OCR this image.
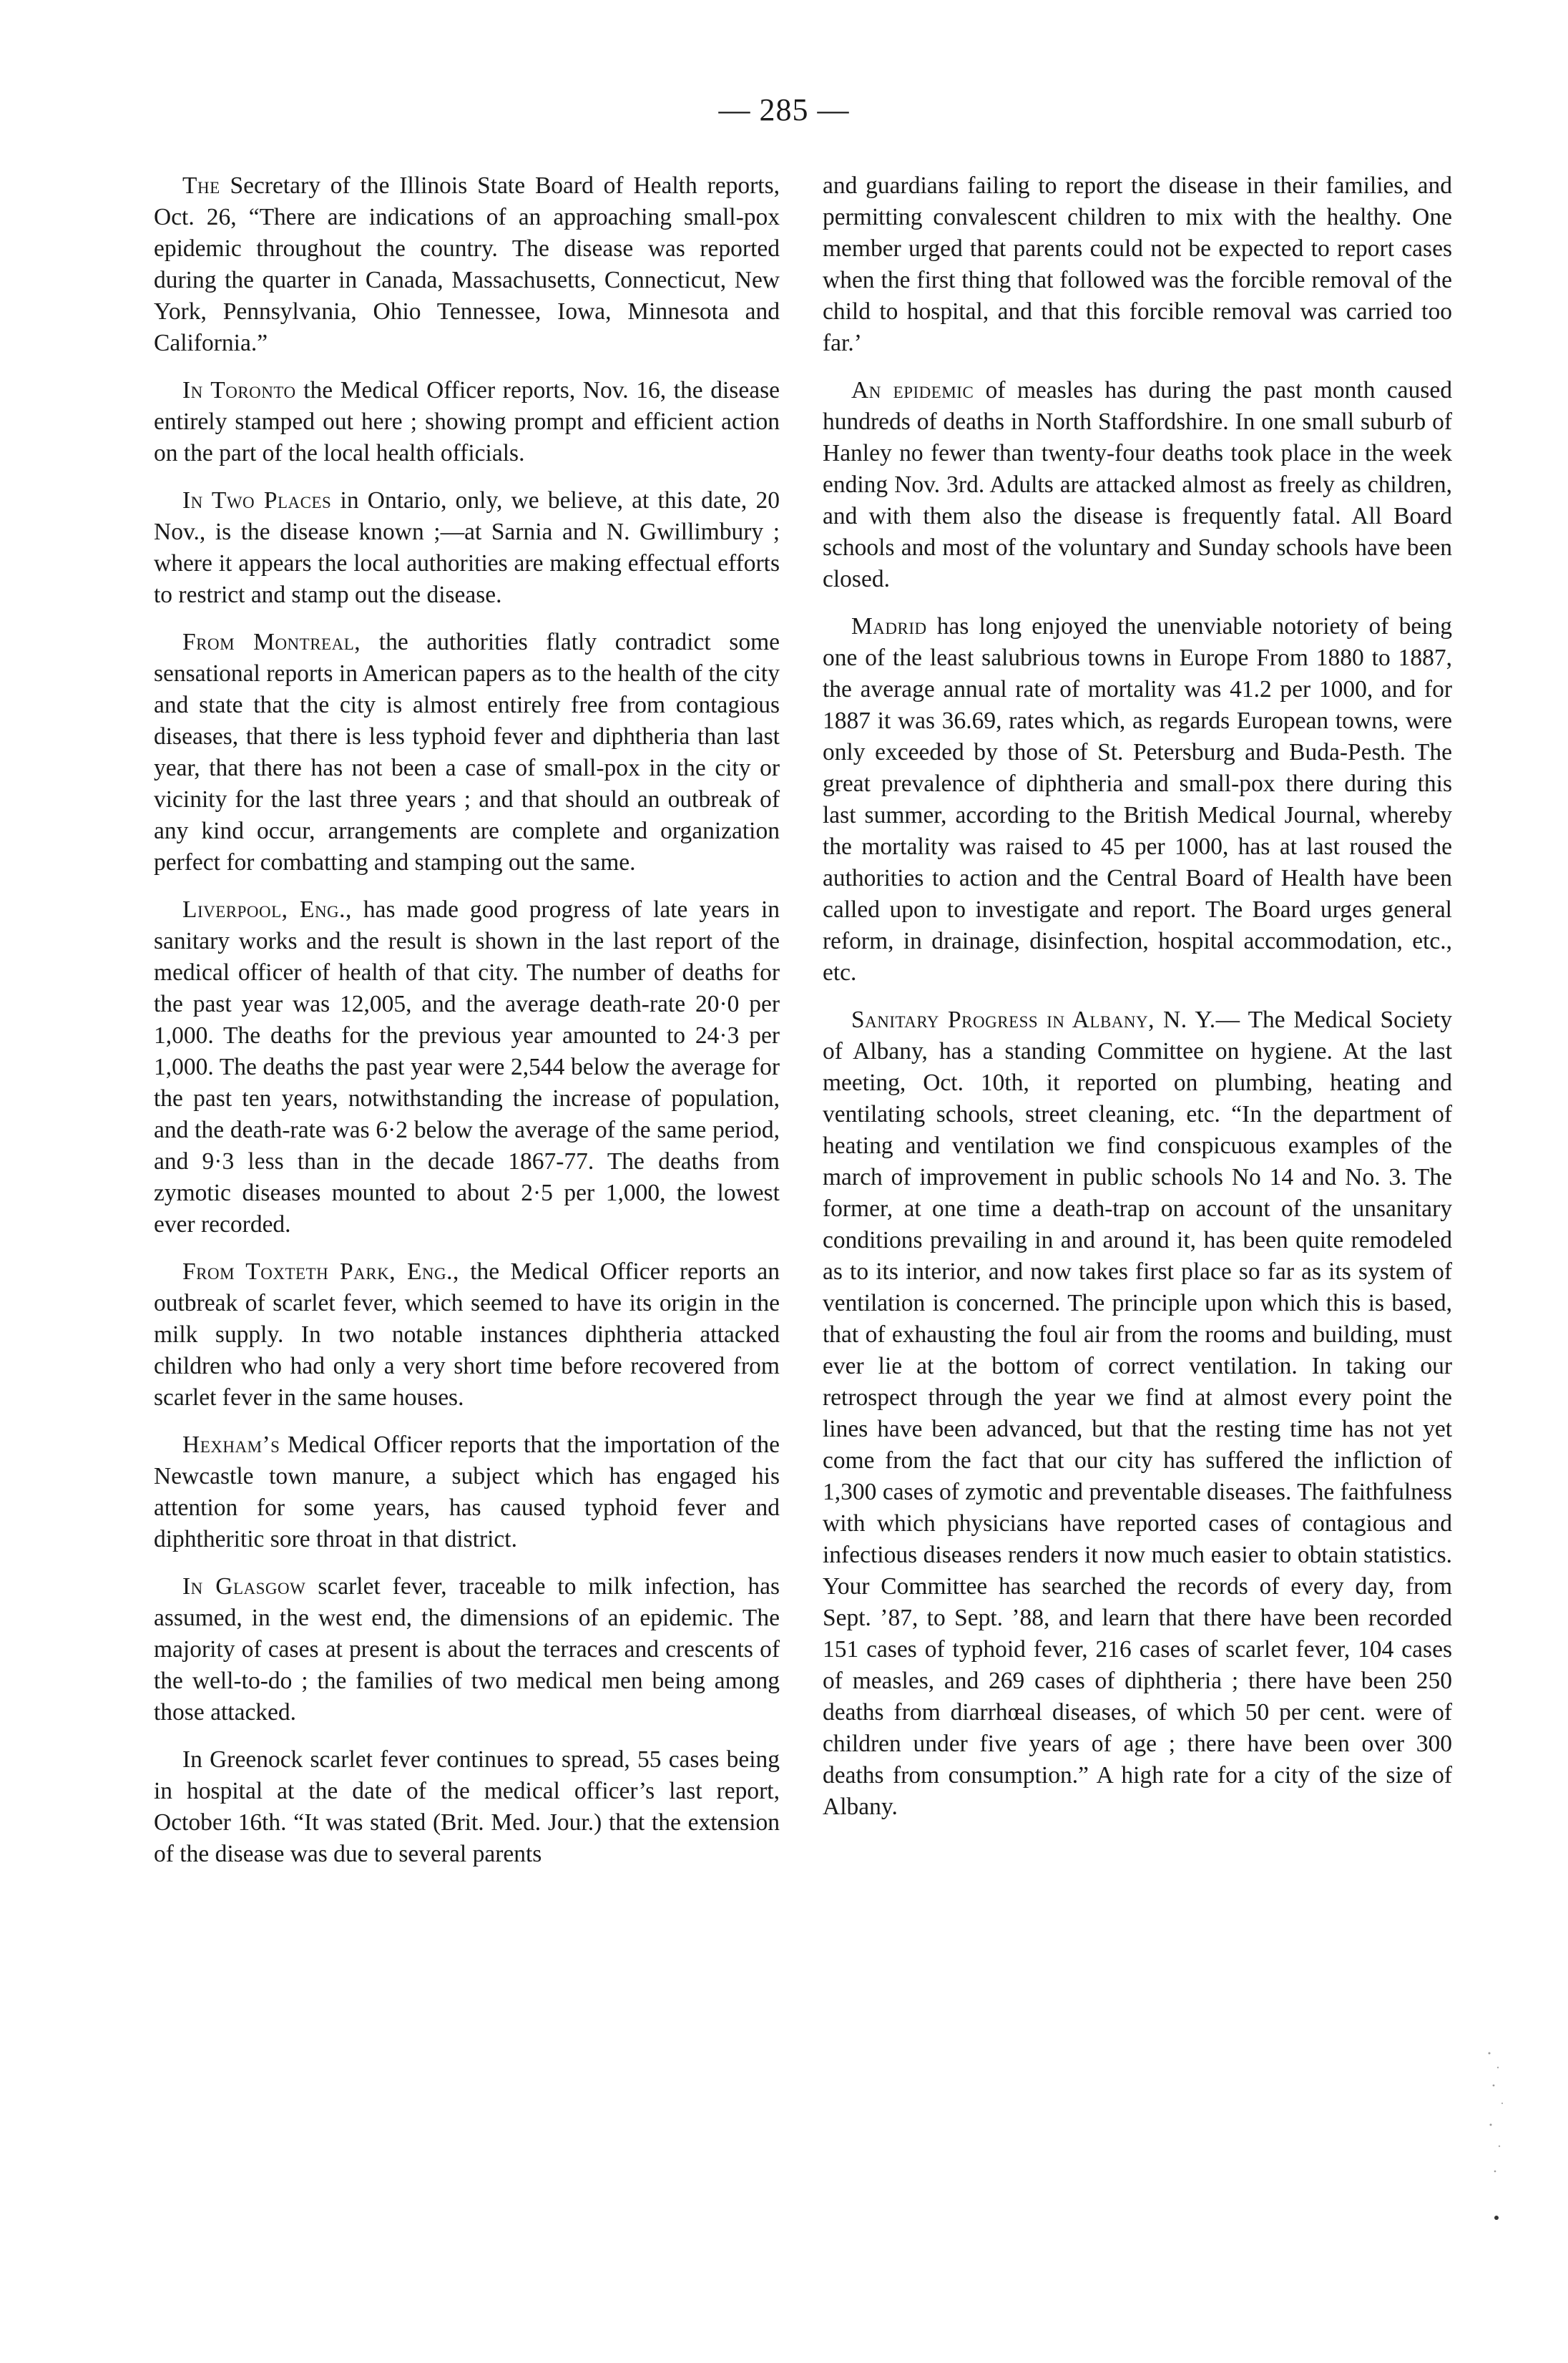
— 285 —

The Secretary of the Illinois State Board of Health reports, Oct. 26, “There are indications of an approaching small-pox epidemic throughout the country. The disease was reported during the quarter in Canada, Massachusetts, Connecticut, New York, Pennsylvania, Ohio Tennessee, Iowa, Minnesota and California.”

In Toronto the Medical Officer reports, Nov. 16, the disease entirely stamped out here ; showing prompt and efficient action on the part of the local health officials.

In Two Places in Ontario, only, we believe, at this date, 20 Nov., is the disease known ;—at Sarnia and N. Gwillimbury ; where it appears the local authorities are making effectual efforts to restrict and stamp out the disease.

From Montreal, the authorities flatly contradict some sensational reports in American papers as to the health of the city and state that the city is almost entirely free from contagious diseases, that there is less typhoid fever and diphtheria than last year, that there has not been a case of small-pox in the city or vicinity for the last three years ; and that should an outbreak of any kind occur, arrangements are complete and organization perfect for combatting and stamping out the same.

Liverpool, Eng., has made good progress of late years in sanitary works and the result is shown in the last report of the medical officer of health of that city. The number of deaths for the past year was 12,005, and the average death-rate 20·0 per 1,000. The deaths for the previous year amounted to 24·3 per 1,000. The deaths the past year were 2,544 below the average for the past ten years, notwithstanding the increase of population, and the death-rate was 6·2 below the average of the same period, and 9·3 less than in the decade 1867-77. The deaths from zymotic diseases mounted to about 2·5 per 1,000, the lowest ever recorded.

From Toxteth Park, Eng., the Medical Officer reports an outbreak of scarlet fever, which seemed to have its origin in the milk supply. In two notable instances diphtheria attacked children who had only a very short time before recovered from scarlet fever in the same houses.

Hexham’s Medical Officer reports that the importation of the Newcastle town manure, a subject which has engaged his attention for some years, has caused typhoid fever and diphtheritic sore throat in that district.

In Glasgow scarlet fever, traceable to milk infection, has assumed, in the west end, the dimensions of an epidemic. The majority of cases at present is about the terraces and crescents of the well-to-do ; the families of two medical men being among those attacked.

In Greenock scarlet fever continues to spread, 55 cases being in hospital at the date of the medical officer’s last report, October 16th. “It was stated (Brit. Med. Jour.) that the extension of the disease was due to several parents

and guardians failing to report the disease in their families, and permitting convalescent children to mix with the healthy. One member urged that parents could not be expected to report cases when the first thing that followed was the forcible removal of the child to hospital, and that this forcible removal was carried too far.’

An epidemic of measles has during the past month caused hundreds of deaths in North Staffordshire. In one small suburb of Hanley no fewer than twenty-four deaths took place in the week ending Nov. 3rd. Adults are attacked almost as freely as children, and with them also the disease is frequently fatal. All Board schools and most of the voluntary and Sunday schools have been closed.

Madrid has long enjoyed the unenviable notoriety of being one of the least salubrious towns in Europe From 1880 to 1887, the average annual rate of mortality was 41.2 per 1000, and for 1887 it was 36.69, rates which, as regards European towns, were only exceeded by those of St. Petersburg and Buda-Pesth. The great prevalence of diphtheria and small-pox there during this last summer, according to the British Medical Journal, whereby the mortality was raised to 45 per 1000, has at last roused the authorities to action and the Central Board of Health have been called upon to investigate and report. The Board urges general reform, in drainage, disinfection, hospital accommodation, etc., etc.

Sanitary Progress in Albany, N. Y.— The Medical Society of Albany, has a standing Committee on hygiene. At the last meeting, Oct. 10th, it reported on plumbing, heating and ventilating schools, street cleaning, etc. “In the department of heating and ventilation we find conspicuous examples of the march of improvement in public schools No 14 and No. 3. The former, at one time a death-trap on account of the unsanitary conditions prevailing in and around it, has been quite remodeled as to its interior, and now takes first place so far as its system of ventilation is concerned. The principle upon which this is based, that of exhausting the foul air from the rooms and building, must ever lie at the bottom of correct ventilation. In taking our retrospect through the year we find at almost every point the lines have been advanced, but that the resting time has not yet come from the fact that our city has suffered the infliction of 1,300 cases of zymotic and preventable diseases. The faithfulness with which physicians have reported cases of contagious and infectious diseases renders it now much easier to obtain statistics. Your Committee has searched the records of every day, from Sept. ’87, to Sept. ’88, and learn that there have been recorded 151 cases of typhoid fever, 216 cases of scarlet fever, 104 cases of measles, and 269 cases of diphtheria ; there have been 250 deaths from diarrhœal diseases, of which 50 per cent. were of children under five years of age ; there have been over 300 deaths from consumption.” A high rate for a city of the size of Albany.
